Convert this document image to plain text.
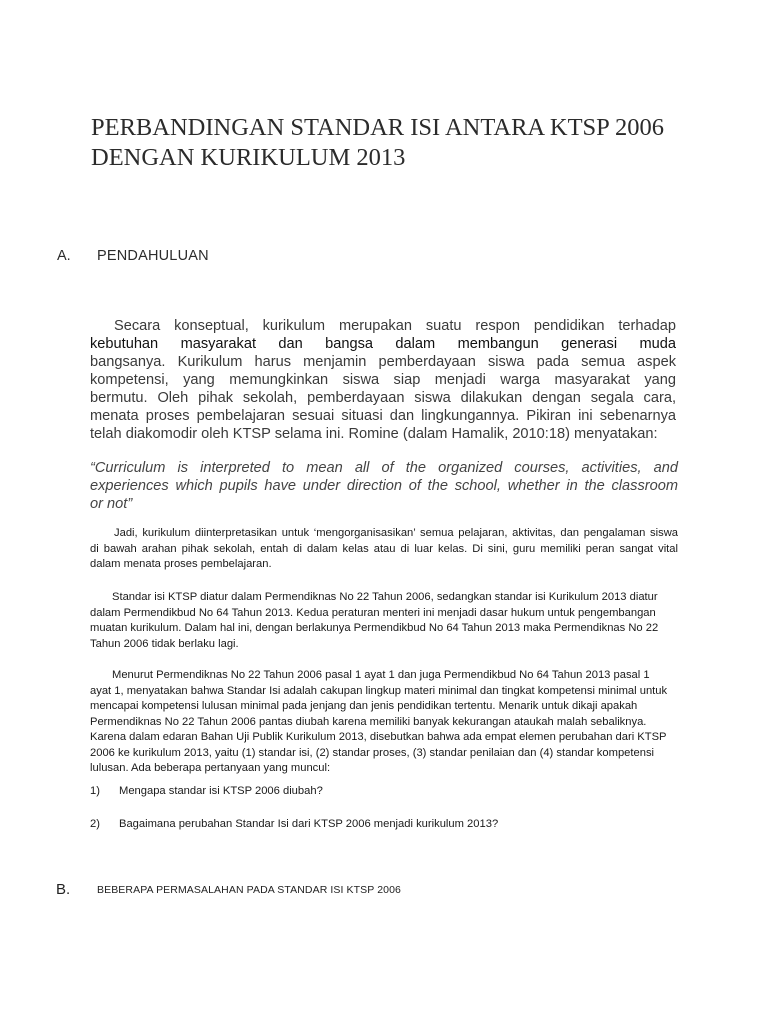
PERBANDINGAN STANDAR ISI ANTARA KTSP 2006
DENGAN KURIKULUM 2013
A. PENDAHULUAN

Secara konseptual, kurikulum merupakan suatu respon pendidikan terhadap
kebutuhan masyarakat dan bangsa dalam membangun generasi muda
bangsanya. Kurikulum harus menjamin pemberdayaan siswa pada semua aspek
kompetensi, yang memungkinkan siswa siap menjadi warga masyarakat yang
bermutu. Oleh pihak sekolah, pemberdayaan siswa dilakukan dengan segala cara,
menata proses pembelajaran sesuai situasi dan lingkungannya. Pikiran ini sebenarnya
telah diakomodir oleh KTSP selama ini. Romine (dalam Hamalik, 2010:18) menyatakan:

“Curriculum is interpreted to mean all of the organized courses, activities, and
experiences which pupils have under direction of the school, whether in the classroom
or not”

Jadi, kurikulum diinterpretasikan untuk ‘mengorganisasikan’ semua pelajaran, aktivitas, dan pengalaman siswa
di bawah arahan pihak sekolah, entah di dalam kelas atau di luar kelas. Di sini, guru memiliki peran sangat vital
dalam menata proses pembelajaran.

Standar isi KTSP diatur dalam Permendiknas No 22 Tahun 2006, sedangkan standar isi Kurikulum 2013 diatur
dalam Permendikbud No 64 Tahun 2013. Kedua peraturan menteri ini menjadi dasar hukum untuk pengembangan
muatan kurikulum. Dalam hal ini, dengan berlakunya Permendikbud No 64 Tahun 2013 maka Permendiknas No 22
Tahun 2006 tidak berlaku lagi.

Menurut Permendiknas No 22 Tahun 2006 pasal 1 ayat 1 dan juga Permendikbud No 64 Tahun 2013 pasal 1
ayat 1, menyatakan bahwa Standar Isi adalah cakupan lingkup materi minimal dan tingkat kompetensi minimal untuk
mencapai kompetensi lulusan minimal pada jenjang dan jenis pendidikan tertentu. Menarik untuk dikaji apakah
Permendiknas No 22 Tahun 2006 pantas diubah karena memiliki banyak kekurangan ataukah malah sebaliknya.
Karena dalam edaran Bahan Uji Publik Kurikulum 2013, disebutkan bahwa ada empat elemen perubahan dari KTSP
2006 ke kurikulum 2013, yaitu (1) standar isi, (2) standar proses, (3) standar penilaian dan (4) standar kompetensi
lulusan. Ada beberapa pertanyaan yang muncul:

1) Mengapa standar isi KTSP 2006 diubah?
2) Bagaimana perubahan Standar Isi dari KTSP 2006 menjadi kurikulum 2013?
B.	BEBERAPA PERMASALAHAN PADA STANDAR ISI KTSP 2006
